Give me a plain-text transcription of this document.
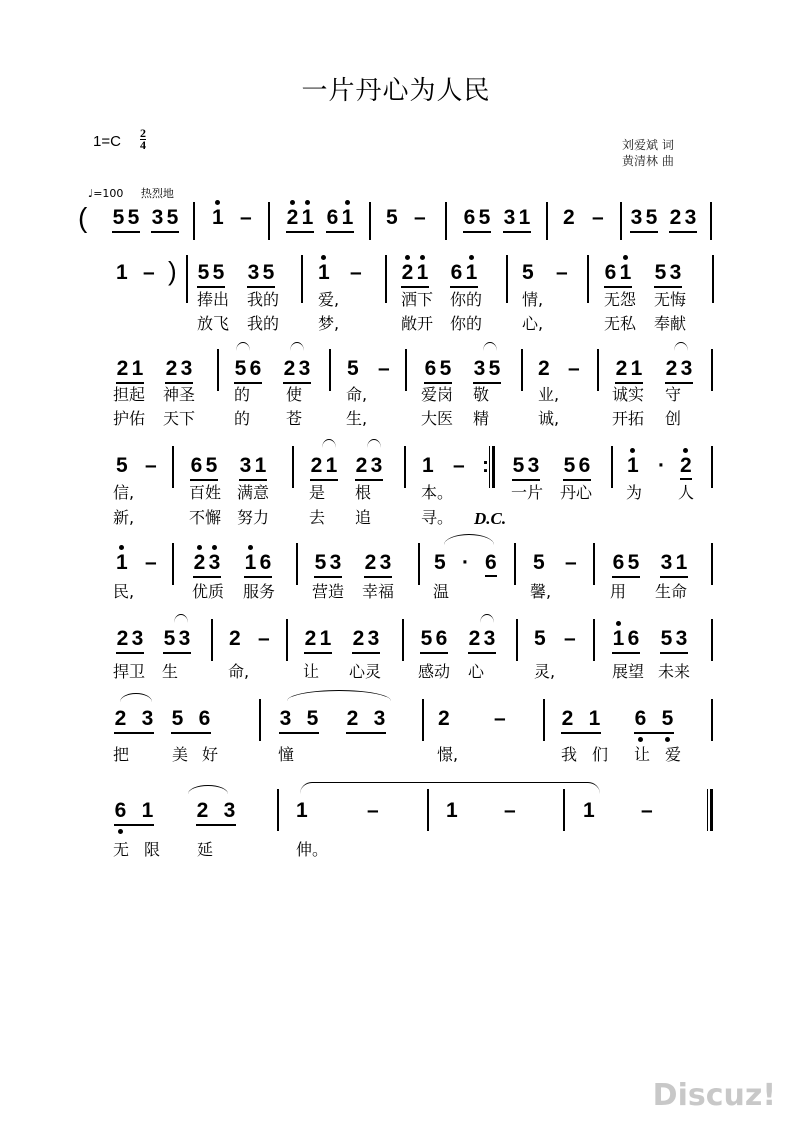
一片丹心为人民
1=C 2
4	刘爱斌 词
黄清林 曲
♩=100 热烈地
( 5 5 3 5 1 – 2 1 6 1 5 – 6 5 3 1 2 – 3 5 2 3
1 – ) 5 5 3 5 1 – 2 1 6 1 5 – 6 1 5 3
捧出 我的 爱,	洒下 你的 情,	无怨 无悔
放飞 我的 梦,	敞开 你的 心,	无私 奉献
2 1 2 3 5 6 2 3 5 – 6 5 3 5 2 – 2 1 2 3
担起 神圣 的 使	命,	爱岗 敬	业,	诚实 守
护佑 天下 的 苍	生,	大医 精	诚,	开拓 创
5 – 6 5 3 1 2 1 2 3 1 – : 5 3 5 6 1 · 2
信,	百姓 满意 是 根	本。	一片 丹心 为 人
新,	不懈 努力 去 追	寻。 D.C.
1 – 2 3 1 6 5 3 2 3 5 · 6 5 – 6 5 3 1
民,	优质 服务 营造 幸福 温	馨,	用 生命
2 3 5 3 2 – 2 1 2 3 5 6 2 3 5 – 1 6 5 3
捍卫 生	命,	让 心灵 感动 心	灵,	展望 未来
2 3 5 6	3 5 2 3	2 –	2 1 6 5
把	美好	憧	憬,	我们 让爱
6 1 2 3	1	–	1 –	1 –
无限 延	伸。
Discuz!
